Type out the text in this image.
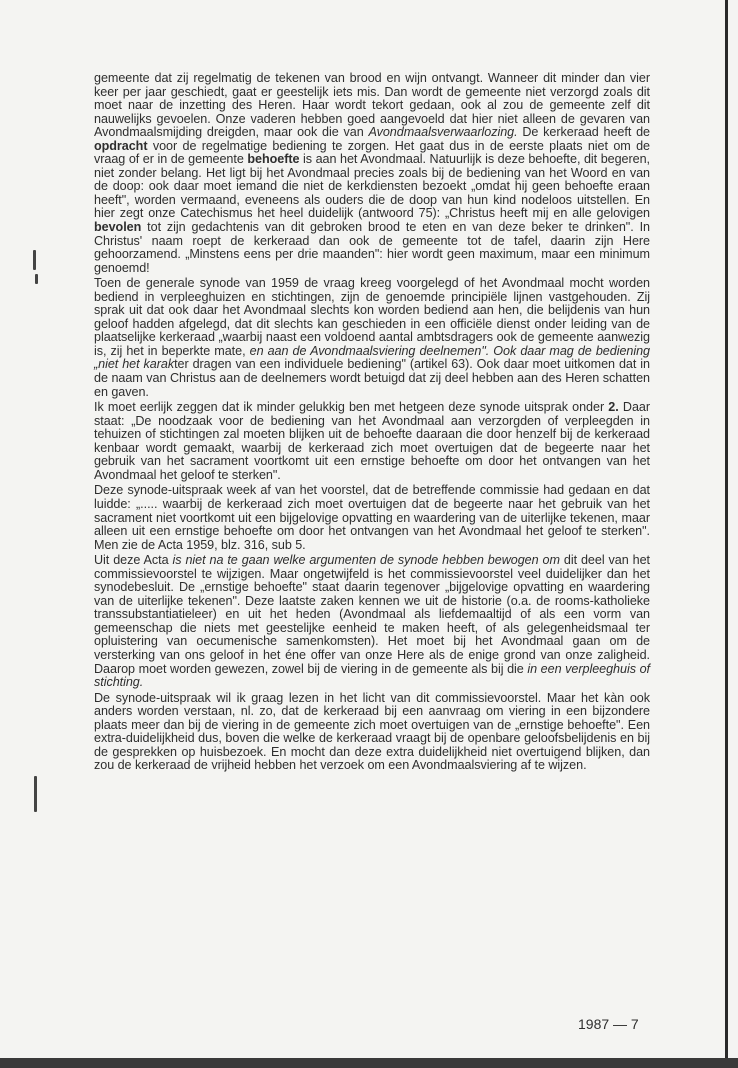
gemeente dat zij regelmatig de tekenen van brood en wijn ontvangt. Wanneer dit minder dan vier keer per jaar geschiedt, gaat er geestelijk iets mis. Dan wordt de gemeente niet verzorgd zoals dit moet naar de inzetting des Heren. Haar wordt tekort gedaan, ook al zou de gemeente zelf dit nauwelijks gevoelen. Onze vaderen hebben goed aangevoeld dat hier niet alleen de gevaren van Avondmaalsmijding dreigden, maar ook die van Avondmaalsverwaarlozing. De kerkeraad heeft de opdracht voor de regelmatige bediening te zorgen. Het gaat dus in de eerste plaats niet om de vraag of er in de gemeente behoefte is aan het Avondmaal. Natuurlijk is deze behoefte, dit begeren, niet zonder belang. Het ligt bij het Avondmaal precies zoals bij de bediening van het Woord en van de doop: ook daar moet iemand die niet de kerkdiensten bezoekt „omdat hij geen behoefte eraan heeft", worden vermaand, eveneens als ouders die de doop van hun kind nodeloos uitstellen. En hier zegt onze Catechismus het heel duidelijk (antwoord 75): „Christus heeft mij en alle gelovigen bevolen tot zijn gedachtenis van dit gebroken brood te eten en van deze beker te drinken". In Christus' naam roept de kerkeraad dan ook de gemeente tot de tafel, daarin zijn Here gehoorzamend. „Minstens eens per drie maanden": hier wordt geen maximum, maar een minimum genoemd!

Toen de generale synode van 1959 de vraag kreeg voorgelegd of het Avondmaal mocht worden bediend in verpleeghuizen en stichtingen, zijn de genoemde principiële lijnen vastgehouden. Zij sprak uit dat ook daar het Avondmaal slechts kon worden bediend aan hen, die belijdenis van hun geloof hadden afgelegd, dat dit slechts kan geschieden in een officiële dienst onder leiding van de plaatselijke kerkeraad „waarbij naast een voldoend aantal ambtsdragers ook de gemeente aanwezig is, zij het in beperkte mate, en aan de Avondmaalsviering deelnemen". Ook daar mag de bediening „niet het karakter dragen van een individuele bediening" (artikel 63). Ook daar moet uitkomen dat in de naam van Christus aan de deelnemers wordt betuigd dat zij deel hebben aan des Heren schatten en gaven.

Ik moet eerlijk zeggen dat ik minder gelukkig ben met hetgeen deze synode uitsprak onder 2. Daar staat: „De noodzaak voor de bediening van het Avondmaal aan verzorgden of verpleegden in tehuizen of stichtingen zal moeten blijken uit de behoefte daaraan die door henzelf bij de kerkeraad kenbaar wordt gemaakt, waarbij de kerkeraad zich moet overtuigen dat de begeerte naar het gebruik van het sacrament voortkomt uit een ernstige behoefte om door het ontvangen van het Avondmaal het geloof te sterken".

Deze synode-uitspraak week af van het voorstel, dat de betreffende commissie had gedaan en dat luidde: „..... waarbij de kerkeraad zich moet overtuigen dat de begeerte naar het gebruik van het sacrament niet voortkomt uit een bijgelovige opvatting en waardering van de uiterlijke tekenen, maar alleen uit een ernstige behoefte om door het ontvangen van het Avondmaal het geloof te sterken". Men zie de Acta 1959, blz. 316, sub 5.

Uit deze Acta is niet na te gaan welke argumenten de synode hebben bewogen om dit deel van het commissievoorstel te wijzigen. Maar ongetwijfeld is het commissievoorstel veel duidelijker dan het synodebesluit. De „ernstige behoefte" staat daarin tegenover „bijgelovige opvatting en waardering van de uiterlijke tekenen". Deze laatste zaken kennen we uit de historie (o.a. de rooms-katholieke transsubstantiatieleer) en uit het heden (Avondmaal als liefdemaaltijd of als een vorm van gemeenschap die niets met geestelijke eenheid te maken heeft, of als gelegenheidsmaal ter opluistering van oecumenische samenkomsten). Het moet bij het Avondmaal gaan om de versterking van ons geloof in het éne offer van onze Here als de enige grond van onze zaligheid. Daarop moet worden gewezen, zowel bij de viering in de gemeente als bij die in een verpleeghuis of stichting.

De synode-uitspraak wil ik graag lezen in het licht van dit commissievoorstel. Maar het kàn ook anders worden verstaan, nl. zo, dat de kerkeraad bij een aanvraag om viering in een bijzondere plaats meer dan bij de viering in de gemeente zich moet overtuigen van de „ernstige behoefte". Een extra-duidelijkheid dus, boven die welke de kerkeraad vraagt bij de openbare geloofsbelijdenis en bij de gesprekken op huisbezoek. En mocht dan deze extra duidelijkheid niet overtuigend blijken, dan zou de kerkeraad de vrijheid hebben het verzoek om een Avondmaalsviering af te wijzen.

1987 — 7
